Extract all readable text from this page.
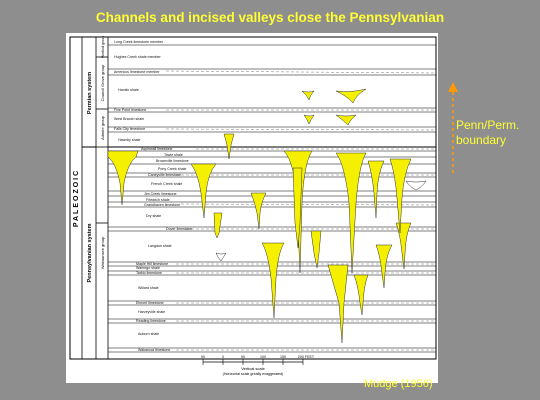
Channels and incised valleys close the Pennsylvanian
PALEOZOIC
Permian system
Pennsylvanian system
Wreford group
Council Grove group
Admire group
Wabaunsee group
Long Creek limestone member
Hughes Creek shale member
Americus limestone member
Hamlin shale
Five Point limestone
West Branch shale
Falls City limestone
Hawxby shale
Aspinwall limestone
Towle shale
Brownville limestone
Pony Creek shale
Caneyville limestone
French Creek shale
Jim Creek limestone
Friedrich shale
Grandhaven limestone
Dry shale
Dover limestone
Langdon shale
Maple Hill limestone
Wamego shale
Tarkio limestone
Willard shale
Elmont limestone
Harveyville shale
Reading limestone
Auburn shale
Wakarusa limestone
50	0	50	100	150	200 FEET
Vertical scale
(Horizontal scale greatly exaggerated)
Penn/Perm.
boundary
Mudge (1956)
